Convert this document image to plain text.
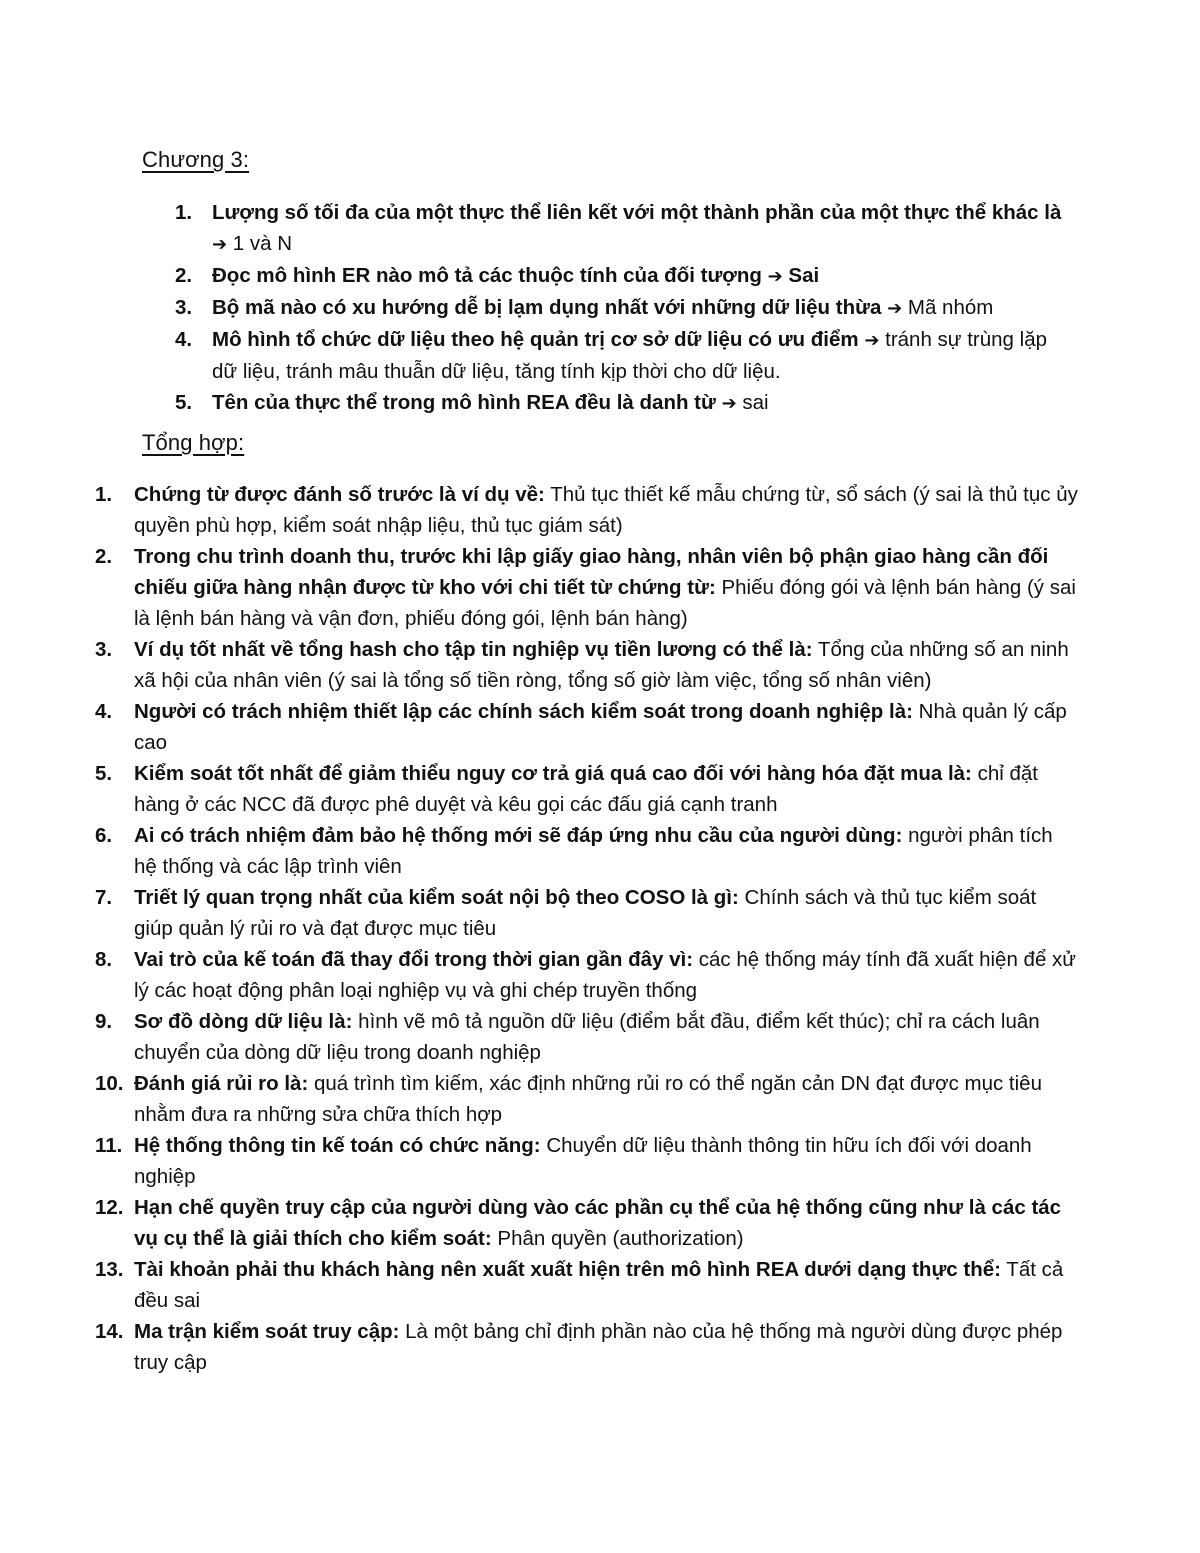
Chương 3:
1. Lượng số tối đa của một thực thể liên kết với một thành phần của một thực thể khác là ➔ 1 và N
2. Đọc mô hình ER nào mô tả các thuộc tính của đối tượng ➔ Sai
3. Bộ mã nào có xu hướng dễ bị lạm dụng nhất với những dữ liệu thừa ➔ Mã nhóm
4. Mô hình tổ chức dữ liệu theo hệ quản trị cơ sở dữ liệu có ưu điểm ➔ tránh sự trùng lặp dữ liệu, tránh mâu thuẫn dữ liệu, tăng tính kịp thời cho dữ liệu.
5. Tên của thực thể trong mô hình REA đều là danh từ ➔ sai
Tổng hợp:
1. Chứng từ được đánh số trước là ví dụ về: Thủ tục thiết kế mẫu chứng từ, sổ sách (ý sai là thủ tục ủy quyền phù hợp, kiểm soát nhập liệu, thủ tục giám sát)
2. Trong chu trình doanh thu, trước khi lập giấy giao hàng, nhân viên bộ phận giao hàng cần đối chiếu giữa hàng nhận được từ kho với chi tiết từ chứng từ: Phiếu đóng gói và lệnh bán hàng (ý sai là lệnh bán hàng và vận đơn, phiếu đóng gói, lệnh bán hàng)
3. Ví dụ tốt nhất về tổng hash cho tập tin nghiệp vụ tiền lương có thể là: Tổng của những số an ninh xã hội của nhân viên (ý sai là tổng số tiền ròng, tổng số giờ làm việc, tổng số nhân viên)
4. Người có trách nhiệm thiết lập các chính sách kiểm soát trong doanh nghiệp là: Nhà quản lý cấp cao
5. Kiểm soát tốt nhất để giảm thiểu nguy cơ trả giá quá cao đối với hàng hóa đặt mua là: chỉ đặt hàng ở các NCC đã được phê duyệt và kêu gọi các đấu giá cạnh tranh
6. Ai có trách nhiệm đảm bảo hệ thống mới sẽ đáp ứng nhu cầu của người dùng: người phân tích hệ thống và các lập trình viên
7. Triết lý quan trọng nhất của kiểm soát nội bộ theo COSO là gì: Chính sách và thủ tục kiểm soát giúp quản lý rủi ro và đạt được mục tiêu
8. Vai trò của kế toán đã thay đổi trong thời gian gần đây vì: các hệ thống máy tính đã xuất hiện để xử lý các hoạt động phân loại nghiệp vụ và ghi chép truyền thống
9. Sơ đồ dòng dữ liệu là: hình vẽ mô tả nguồn dữ liệu (điểm bắt đầu, điểm kết thúc); chỉ ra cách luân chuyển của dòng dữ liệu trong doanh nghiệp
10. Đánh giá rủi ro là: quá trình tìm kiếm, xác định những rủi ro có thể ngăn cản DN đạt được mục tiêu nhằm đưa ra những sửa chữa thích hợp
11. Hệ thống thông tin kế toán có chức năng: Chuyển dữ liệu thành thông tin hữu ích đối với doanh nghiệp
12. Hạn chế quyền truy cập của người dùng vào các phần cụ thể của hệ thống cũng như là các tác vụ cụ thể là giải thích cho kiểm soát: Phân quyền (authorization)
13. Tài khoản phải thu khách hàng nên xuất xuất hiện trên mô hình REA dưới dạng thực thể: Tất cả đều sai
14. Ma trận kiểm soát truy cập: Là một bảng chỉ định phần nào của hệ thống mà người dùng được phép truy cập
